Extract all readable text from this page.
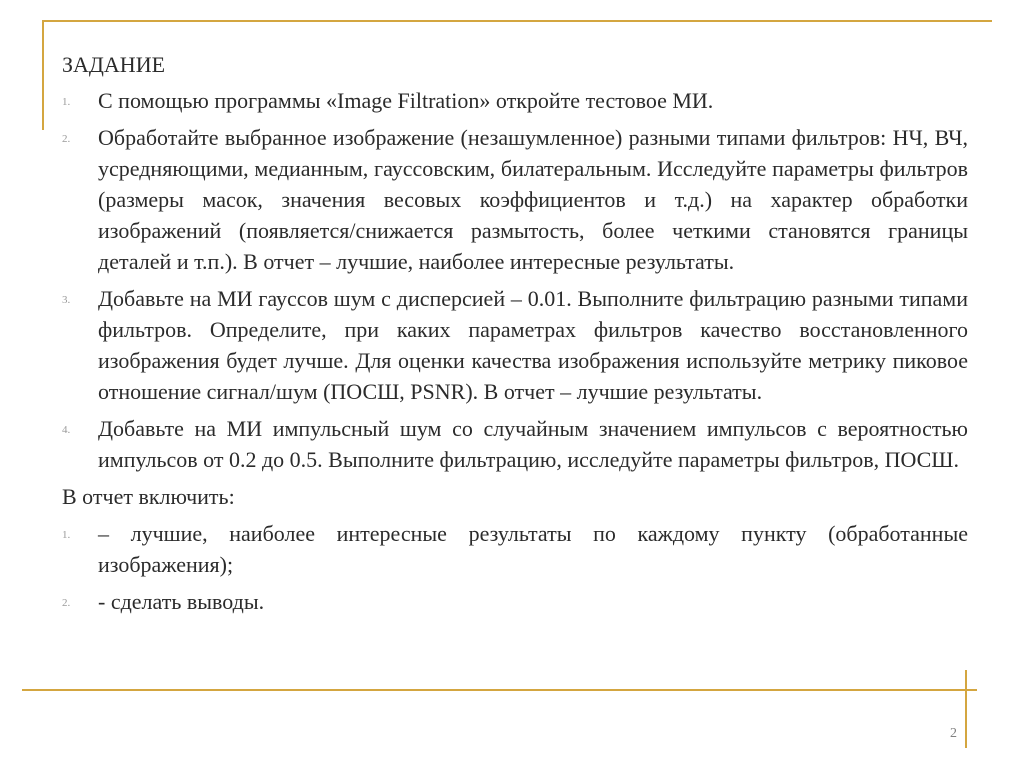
ЗАДАНИЕ
1. С помощью программы «Image Filtration» откройте тестовое МИ.
2. Обработайте выбранное изображение (незашумленное) разными типами фильтров: НЧ, ВЧ, усредняющими, медианным, гауссовским, билатеральным. Исследуйте параметры фильтров (размеры масок, значения весовых коэффициентов и т.д.) на характер обработки изображений (появляется/снижается размытость, более четкими становятся границы деталей и т.п.). В отчет – лучшие, наиболее интересные результаты.
3. Добавьте на МИ гауссов шум с дисперсией – 0.01. Выполните фильтрацию разными типами фильтров. Определите, при каких параметрах фильтров качество восстановленного изображения будет лучше. Для оценки качества изображения используйте метрику пиковое отношение сигнал/шум (ПОСШ, PSNR). В отчет – лучшие результаты.
4. Добавьте на МИ импульсный шум со случайным значением импульсов с вероятностью импульсов от 0.2 до 0.5. Выполните фильтрацию, исследуйте параметры фильтров, ПОСШ.
В отчет включить:
1. – лучшие, наиболее интересные результаты по каждому пункту (обработанные изображения);
2. - сделать выводы.
2
